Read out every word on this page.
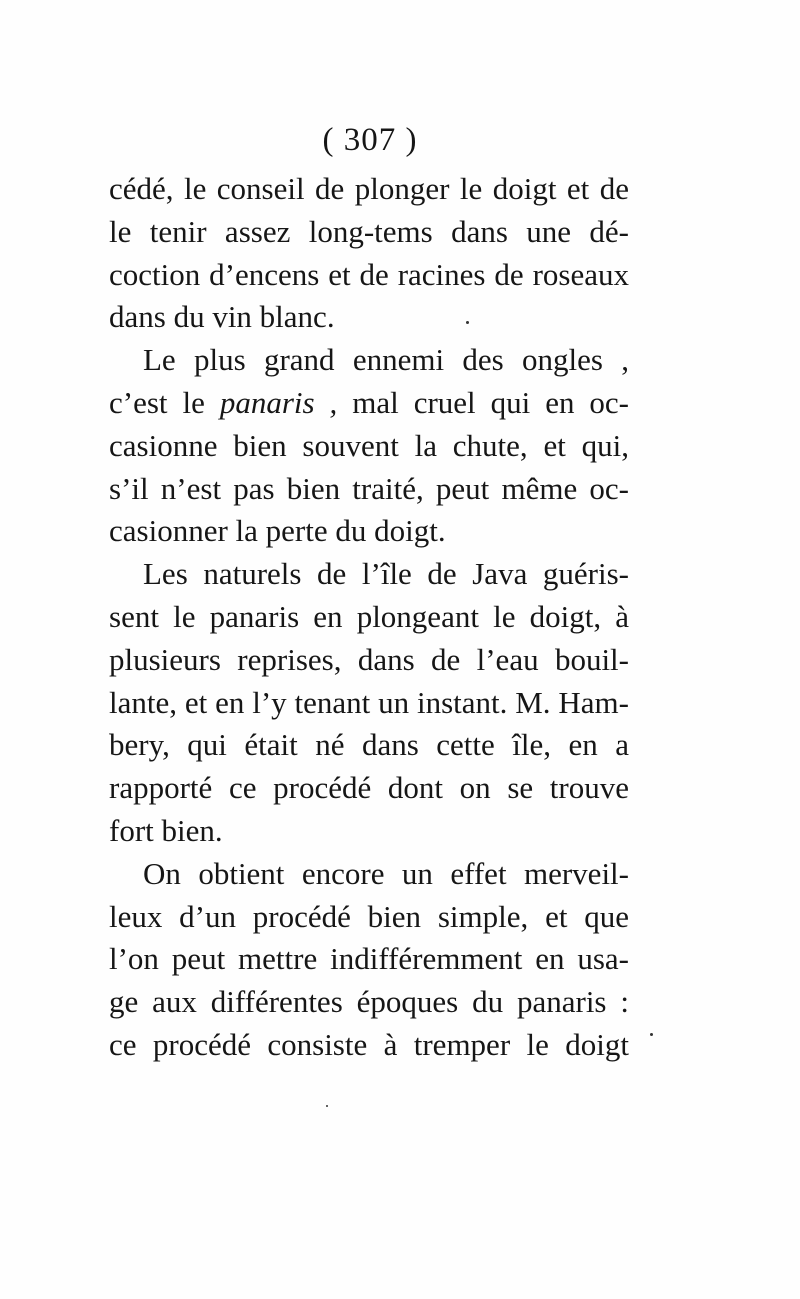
( 307 )
cédé, le conseil de plonger le doigt et de
le tenir assez long-tems dans une dé-
coction d’encens et de racines de roseaux
dans du vin blanc.
Le plus grand ennemi des ongles ,
c’est le panaris , mal cruel qui en oc-
casionne bien souvent la chute, et qui,
s’il n’est pas bien traité, peut même oc-
casionner la perte du doigt.
Les naturels de l’île de Java guéris-
sent le panaris en plongeant le doigt, à
plusieurs reprises, dans de l’eau bouil-
lante, et en l’y tenant un instant. M. Ham-
bery, qui était né dans cette île, en a
rapporté ce procédé dont on se trouve
fort bien.
On obtient encore un effet merveil-
leux d’un procédé bien simple, et que
l’on peut mettre indifféremment en usa-
ge aux différentes époques du panaris :
ce procédé consiste à tremper le doigt
